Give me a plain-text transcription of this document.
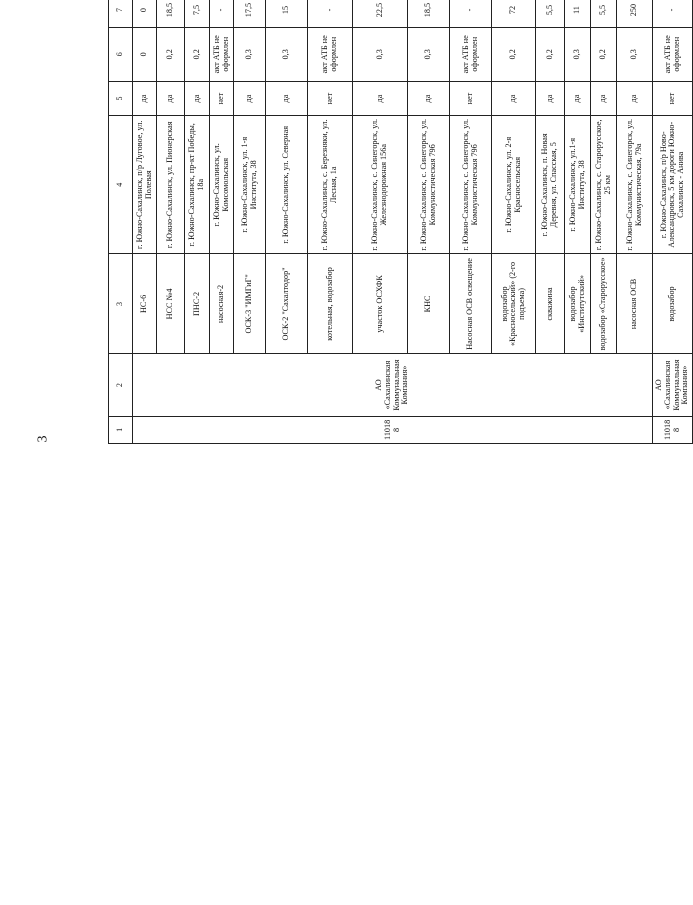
3
1	2	3	4	5	6	7			
110188	АО «Сахалинская Коммунальная Компания»	НС-6	г. Южно-Сахалинск, п/р Луговое, ул. Полевая	да	0	0			
		НСС №4	г. Южно-Сахалинск, ул. Пионерская	да	0,2	18,5			
		ПНС-2	г. Южно-Сахалинск, пр-кт Победы, 18а	да	0,2	7,5			
		насосная-2	г. Южно-Сахалинск, ул. Комсомольская	нет	акт АТБ не оформлен	-			
		ОСК-3 "ИМГиГ"	г. Южно-Сахалинск, ул. 1-я Института, 38	да	0,3	17,5			
		ОСК-2 "Сахалтодор"	г. Южно-Сахалинск, ул. Северная	да	0,3	15			
		котельная, водозабор	г. Южно-Сахалинск, с. Березняки, ул. Лесная, 1а	нет	акт АТБ не оформлен	-			
		участок ОСХФК	г. Южно-Сахалинск, с. Синегорск, ул. Железнодорожная 156а	да	0,3	22,5			
		КНС	г. Южно-Сахалинск, с. Синегорск, ул. Коммунистическая 79б	да	0,3	18,5			
		Насосная ОСВ освещение	г. Южно-Сахалинск, с. Синегорск, ул. Коммунистическая 79б	нет	акт АТБ не оформлен	-			
		водозабор «Красносельский» (2-го подъема)	г. Южно-Сахалинск, ул. 2-я Красносельская	да	0,2	72			
		скважина	г. Южно-Сахалинск, п. Новая Деревня, ул. Спасская, 5	да	0,2	5,5			
		водозабор «Институтский»	г. Южно-Сахалинск, ул.1-я Института, 38	да	0,3	11			
		водозабор «Старорусское»	г. Южно-Сахалинск, с. Старорусское, 25 км	да	0,2	5,5			
		насосная ОСВ	г. Южно-Сахалинск, с. Синегорск, ул. Коммунистическая, 79а	да	0,3	250			
110188	АО «Сахалинская Коммунальная Компания»	водозабор	г. Южно-Сахалинск, п/р Ново-Александровск, 5 км дороги Южно-Сахалинск - Анива	нет	акт АТБ не оформлен	-			
